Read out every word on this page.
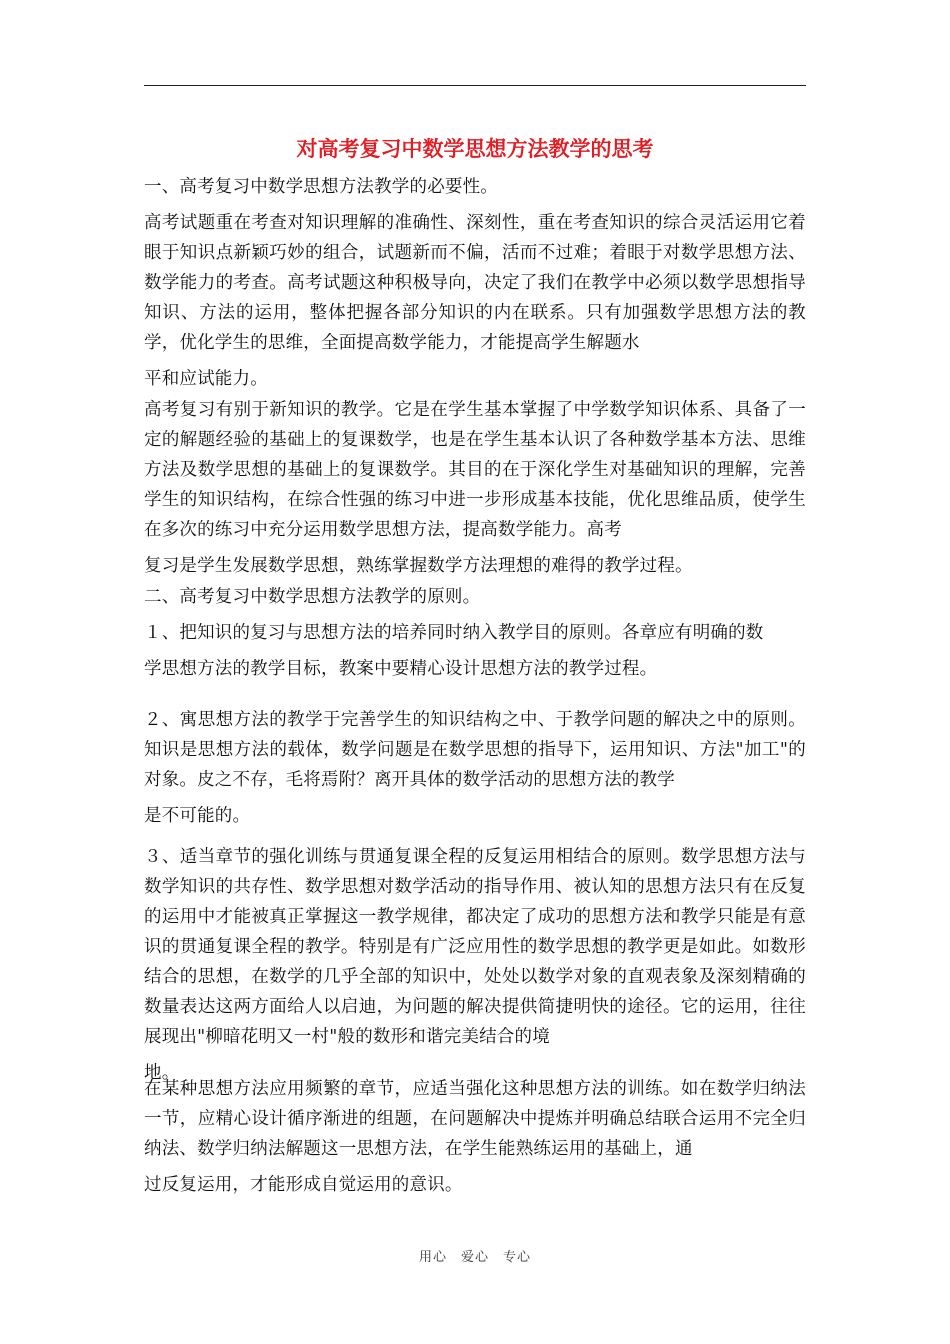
对高考复习中数学思想方法教学的思考

一、高考复习中数学思想方法教学的必要性。

高考试题重在考查对知识理解的准确性、深刻性，重在考查知识的综合灵活运用它着眼于知识点新颖巧妙的组合，试题新而不偏，活而不过难；着眼于对数学思想方法、数学能力的考查。高考试题这种积极导向，决定了我们在教学中必须以数学思想指导知识、方法的运用，整体把握各部分知识的内在联系。只有加强数学思想方法的教学，优化学生的思维，全面提高数学能力，才能提高学生解题水
平和应试能力。
高考复习有别于新知识的教学。它是在学生基本掌握了中学数学知识体系、具备了一定的解题经验的基础上的复课数学，也是在学生基本认识了各种数学基本方法、思维方法及数学思想的基础上的复课数学。其目的在于深化学生对基础知识的理解，完善学生的知识结构，在综合性强的练习中进一步形成基本技能，优化思维品质，使学生在多次的练习中充分运用数学思想方法，提高数学能力。高考
复习是学生发展数学思想，熟练掌握数学方法理想的难得的教学过程。

二、高考复习中数学思想方法教学的原则。

１、把知识的复习与思想方法的培养同时纳入教学目的原则。各章应有明确的数
学思想方法的教学目标，教案中要精心设计思想方法的教学过程。
２、寓思想方法的教学于完善学生的知识结构之中、于教学问题的解决之中的原则。知识是思想方法的载体，数学问题是在数学思想的指导下，运用知识、方法"加工"的对象。皮之不存，毛将焉附？离开具体的数学活动的思想方法的教学
是不可能的。
３、适当章节的强化训练与贯通复课全程的反复运用相结合的原则。数学思想方法与数学知识的共存性、数学思想对数学活动的指导作用、被认知的思想方法只有在反复的运用中才能被真正掌握这一教学规律，都决定了成功的思想方法和教学只能是有意识的贯通复课全程的教学。特别是有广泛应用性的数学思想的教学更是如此。如数形结合的思想，在数学的几乎全部的知识中，处处以数学对象的直观表象及深刻精确的数量表达这两方面给人以启迪，为问题的解决提供简捷明快的途径。它的运用，往往展现出"柳暗花明又一村"般的数形和谐完美结合的境
地。
在某种思想方法应用频繁的章节，应适当强化这种思想方法的训练。如在数学归纳法一节，应精心设计循序渐进的组题，在问题解决中提炼并明确总结联合运用不完全归纳法、数学归纳法解题这一思想方法，在学生能熟练运用的基础上，通
过反复运用，才能形成自觉运用的意识。
用心　爱心　专心
